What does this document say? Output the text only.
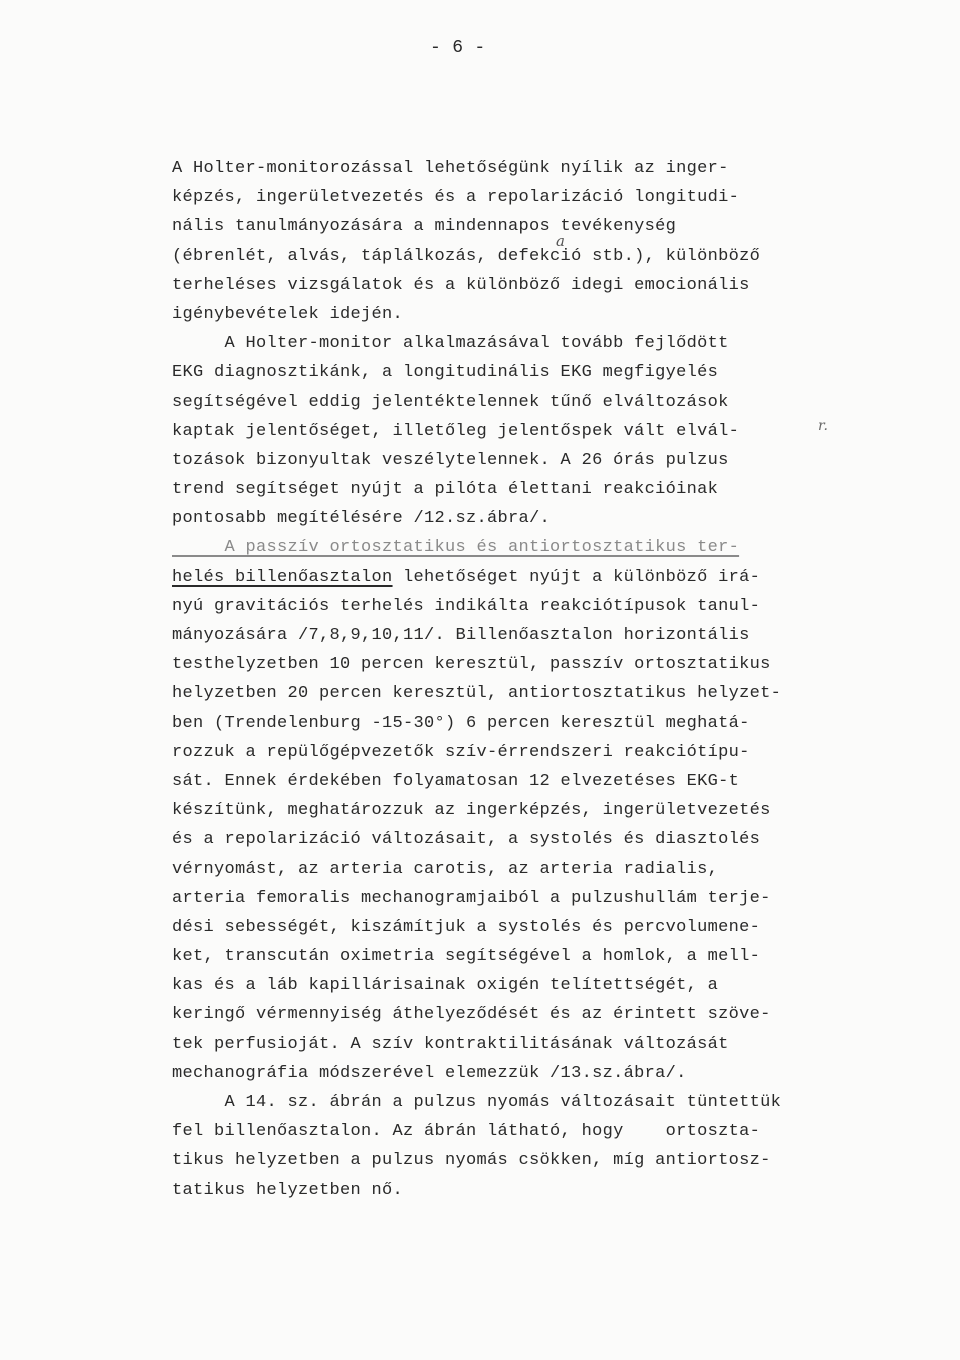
- 6 -
a
r.
A Holter-monitorozással lehetőségünk nyílik az inger-
képzés, ingerületvezetés és a repolarizáció longitudi-
nális tanulmányozására a mindennapos tevékenység
(ébrenlét, alvás, táplálkozás, defekció stb.), különböző
terheléses vizsgálatok és a különböző idegi emocionális
igénybevételek idején.
A Holter-monitor alkalmazásával tovább fejlődött
EKG diagnosztikánk, a longitudinális EKG megfigyelés
segítségével eddig jelentéktelennek tűnő elváltozások
kaptak jelentőséget, illetőleg jelentőspek vált elvál-
tozások bizonyultak veszélytelennek. A 26 órás pulzus
trend segítséget nyújt a pilóta élettani reakcióinak
pontosabb megítélésére /12.sz.ábra/.
A passzív ortosztatikus és antiortosztatikus ter-
helés billenőasztalon lehetőséget nyújt a különböző irá-
nyú gravitációs terhelés indikálta reakciótípusok tanul-
mányozására /7,8,9,10,11/. Billenőasztalon horizontális
testhelyzetben 10 percen keresztül, passzív ortosztatikus
helyzetben 20 percen keresztül, antiortosztatikus helyzet-
ben (Trendelenburg -15-30°) 6 percen keresztül meghatá-
rozzuk a repülőgépvezetők szív-érrendszeri reakciótípu-
sát. Ennek érdekében folyamatosan 12 elvezetéses EKG-t
készítünk, meghatározzuk az ingerképzés, ingerületvezetés
és a repolarizáció változásait, a systolés és diasztolés
vérnyomást, az arteria carotis, az arteria radialis,
arteria femoralis mechanogramjaiból a pulzushullám terje-
dési sebességét, kiszámítjuk a systolés és percvolumene-
ket, transcután oximetria segítségével a homlok, a mell-
kas és a láb kapillárisainak oxigén telítettségét, a
keringő vérmennyiség áthelyeződését és az érintett szöve-
tek perfusioját. A szív kontraktilitásának változását
mechanográfia módszerével elemezzük /13.sz.ábra/.
A 14. sz. ábrán a pulzus nyomás változásait tüntettük
fel billenőasztalon. Az ábrán látható, hogy    ortoszta-
tikus helyzetben a pulzus nyomás csökken, míg antiortosz-
tatikus helyzetben nő.
